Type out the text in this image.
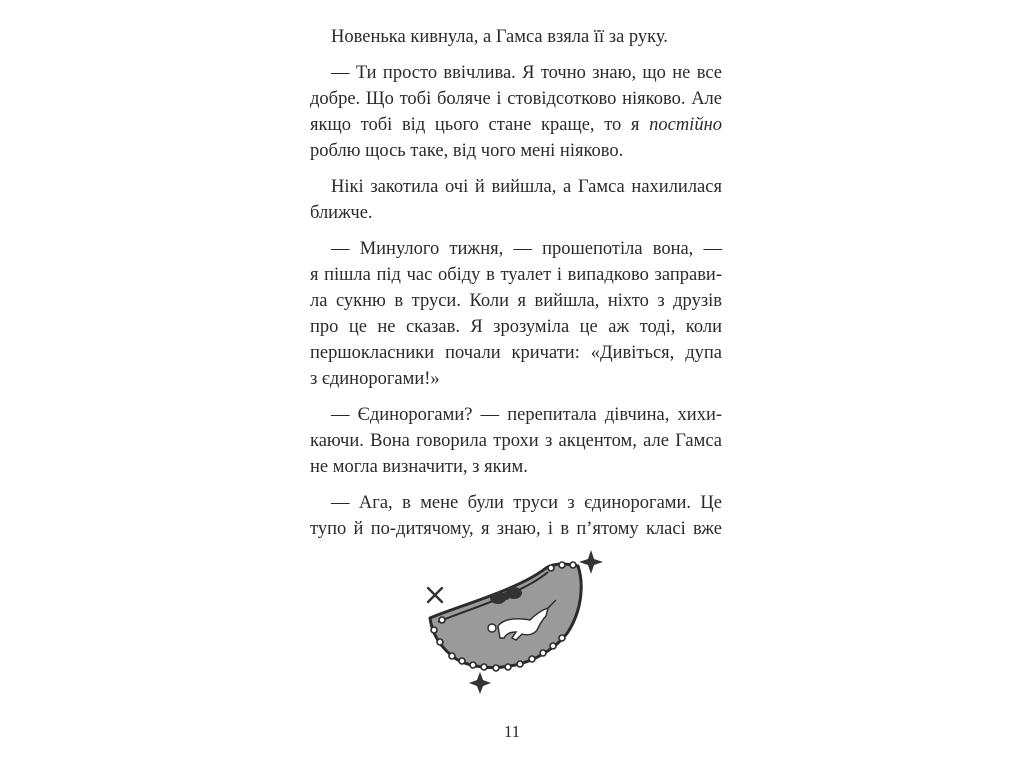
Новенька кивнула, а Гамса взяла її за руку.
— Ти просто ввічлива. Я точно знаю, що не все
добре. Що тобі боляче і стовідсотково ніяково. Але
якщо тобі від цього стане краще, то я постійно
роблю щось таке, від чого мені ніяково.
Нікі закотила очі й вийшла, а Гамса нахилилася
ближче.
— Минулого тижня, — прошепотіла вона, —
я пішла під час обіду в туалет і випадково заправи-
ла сукню в труси. Коли я вийшла, ніхто з друзів
про це не сказав. Я зрозуміла це аж тоді, коли
першокласники почали кричати: «Дивіться, дупа
з єдинорогами!»
— Єдинорогами? — перепитала дівчина, хихи-
каючи. Вона говорила трохи з акцентом, але Гамса
не могла визначити, з яким.
— Ага, в мене були труси з єдинорогами. Це
тупо й по-дитячому, я знаю, і в п’ятому класі вже
11
